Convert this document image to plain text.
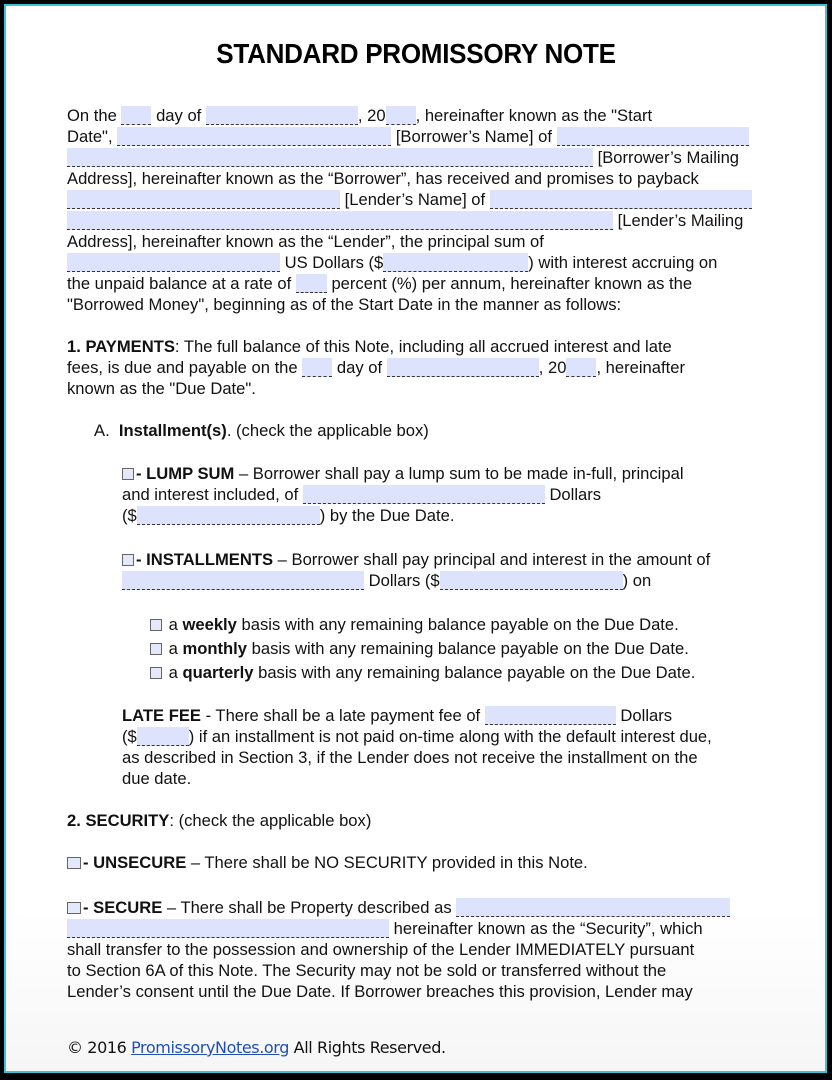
STANDARD PROMISSORY NOTE
On the day of	, 20 , hereinafter known as the "Start
Date",	[Borrower’s Name] of
[Borrower’s Mailing
Address], hereinafter known as the “Borrower”, has received and promises to payback
[Lender’s Name] of
[Lender’s Mailing
Address], hereinafter known as the “Lender”, the principal sum of
US Dollars ($	) with interest accruing on
the unpaid balance at a rate of percent (%) per annum, hereinafter known as the
"Borrowed Money", beginning as of the Start Date in the manner as follows:
1. PAYMENTS: The full balance of this Note, including all accrued interest and late
fees, is due and payable on the day of	, 20 , hereinafter
known as the "Due Date".
A. Installment(s). (check the applicable box)
- LUMP SUM – Borrower shall pay a lump sum to be made in-full, principal
and interest included, of	Dollars
($	) by the Due Date.
- INSTALLMENTS – Borrower shall pay principal and interest in the amount of
Dollars ($	) on
a weekly basis with any remaining balance payable on the Due Date.
a monthly basis with any remaining balance payable on the Due Date.
a quarterly basis with any remaining balance payable on the Due Date.
LATE FEE - There shall be a late payment fee of	Dollars
($	) if an installment is not paid on-time along with the default interest due,
as described in Section 3, if the Lender does not receive the installment on the
due date.
2. SECURITY: (check the applicable box)
- UNSECURE – There shall be NO SECURITY provided in this Note.
- SECURE – There shall be Property described as
hereinafter known as the “Security”, which
shall transfer to the possession and ownership of the Lender IMMEDIATELY pursuant
to Section 6A of this Note. The Security may not be sold or transferred without the
Lender’s consent until the Due Date. If Borrower breaches this provision, Lender may
© 2016 PromissoryNotes.org All Rights Reserved.
